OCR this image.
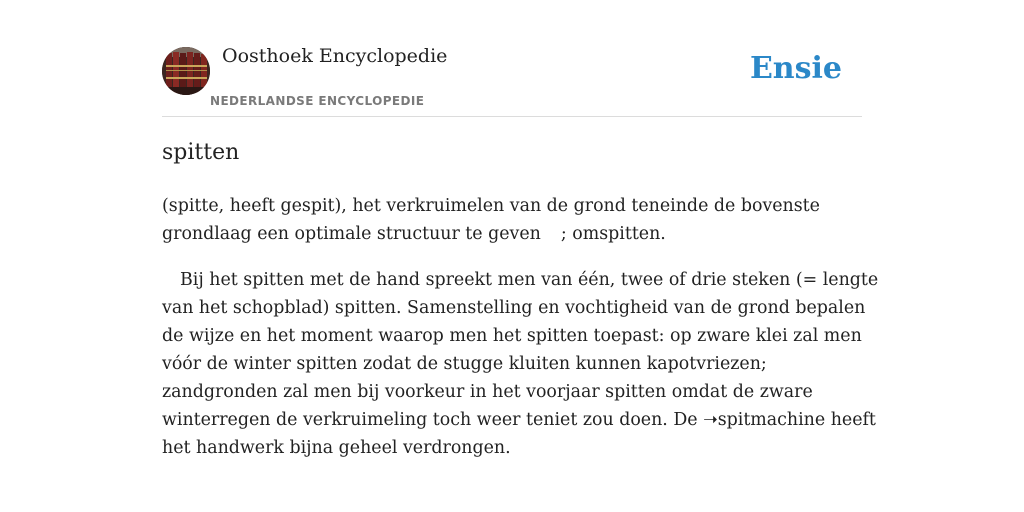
Oosthoek Encyclopedie
NEDERLANDSE ENCYCLOPEDIE
Ensie
spitten

(spitte, heeft gespit), het verkruimelen van de grond teneinde de bovenste
grondlaag een optimale structuur te geven ; omspitten.

Bij het spitten met de hand spreekt men van één, twee of drie steken (= lengte
van het schopblad) spitten. Samenstelling en vochtigheid van de grond bepalen
de wijze en het moment waarop men het spitten toepast: op zware klei zal men
vóór de winter spitten zodat de stugge kluiten kunnen kapotvriezen;
zandgronden zal men bij voorkeur in het voorjaar spitten omdat de zware
winterregen de verkruimeling toch weer teniet zou doen. De ➝spitmachine heeft
het handwerk bijna geheel verdrongen.
